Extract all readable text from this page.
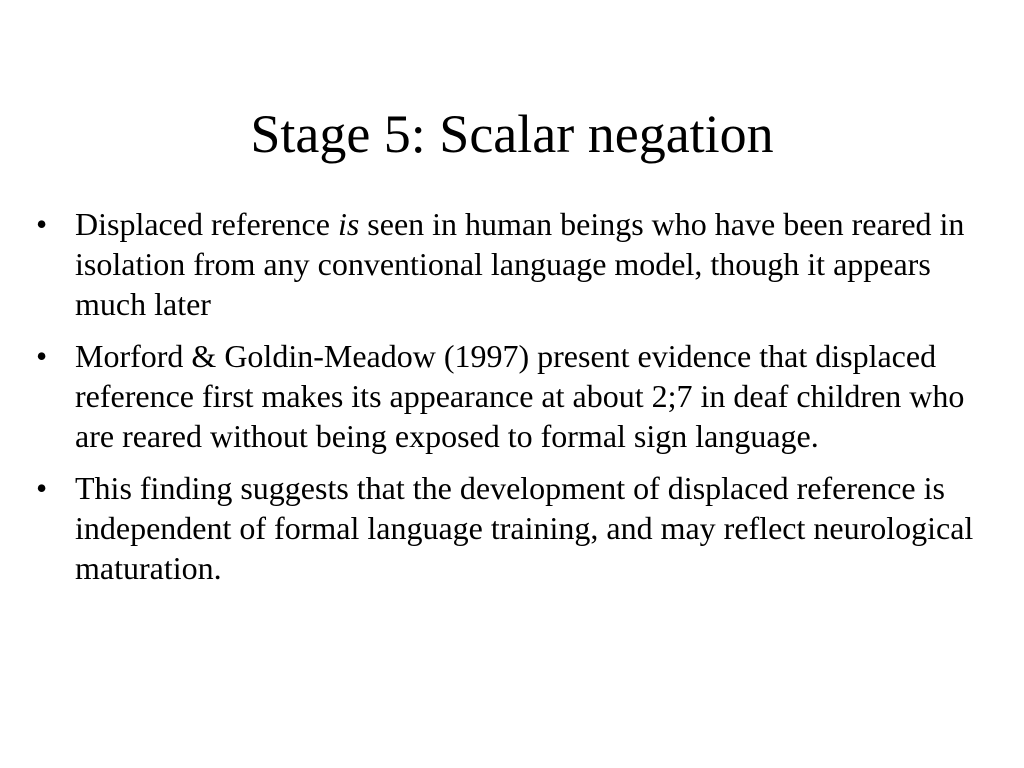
Stage 5: Scalar negation
• Displaced reference is seen in human beings who have been reared in isolation from any conventional language model, though it appears much later
• Morford & Goldin-Meadow (1997) present evidence that displaced reference first makes its appearance at about 2;7 in deaf children who are reared without being exposed to formal sign language.
• This finding suggests that the development of displaced reference is independent of formal language training, and may reflect neurological maturation.
